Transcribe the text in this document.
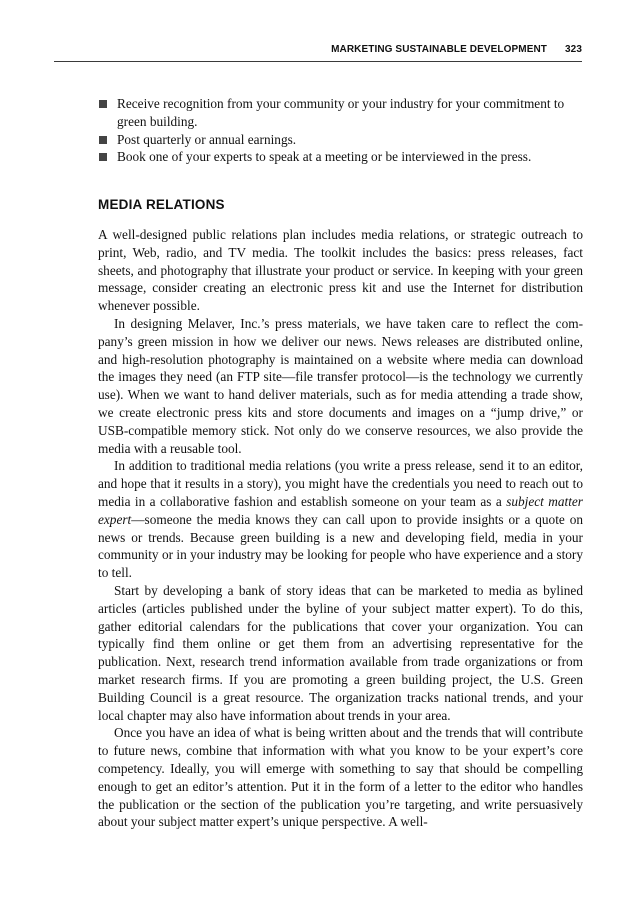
MARKETING SUSTAINABLE DEVELOPMENT 323
Receive recognition from your community or your industry for your commitment to green building.
Post quarterly or annual earnings.
Book one of your experts to speak at a meeting or be interviewed in the press.
MEDIA RELATIONS

A well-designed public relations plan includes media relations, or strategic outreach to print, Web, radio, and TV media. The toolkit includes the basics: press releases, fact sheets, and photography that illustrate your product or service. In keeping with your green message, consider creating an electronic press kit and use the Internet for distribution whenever possible.

In designing Melaver, Inc.’s press materials, we have taken care to reflect the company’s green mission in how we deliver our news. News releases are distributed online, and high-resolution photography is maintained on a website where media can download the images they need (an FTP site—file transfer protocol—is the technology we currently use). When we want to hand deliver materials, such as for media attending a trade show, we create electronic press kits and store documents and images on a “jump drive,” or USB-compatible memory stick. Not only do we conserve resources, we also provide the media with a reusable tool.

In addition to traditional media relations (you write a press release, send it to an editor, and hope that it results in a story), you might have the credentials you need to reach out to media in a collaborative fashion and establish someone on your team as a subject matter expert—someone the media knows they can call upon to provide insights or a quote on news or trends. Because green building is a new and developing field, media in your community or in your industry may be looking for people who have experience and a story to tell.

Start by developing a bank of story ideas that can be marketed to media as bylined articles (articles published under the byline of your subject matter expert). To do this, gather editorial calendars for the publications that cover your organization. You can typically find them online or get them from an advertising representative for the publication. Next, research trend information available from trade organizations or from market research firms. If you are promoting a green building project, the U.S. Green Building Council is a great resource. The organization tracks national trends, and your local chapter may also have information about trends in your area.

Once you have an idea of what is being written about and the trends that will contribute to future news, combine that information with what you know to be your expert’s core competency. Ideally, you will emerge with something to say that should be compelling enough to get an editor’s attention. Put it in the form of a letter to the editor who handles the publication or the section of the publication you’re targeting, and write persuasively about your subject matter expert’s unique perspective. A well-
